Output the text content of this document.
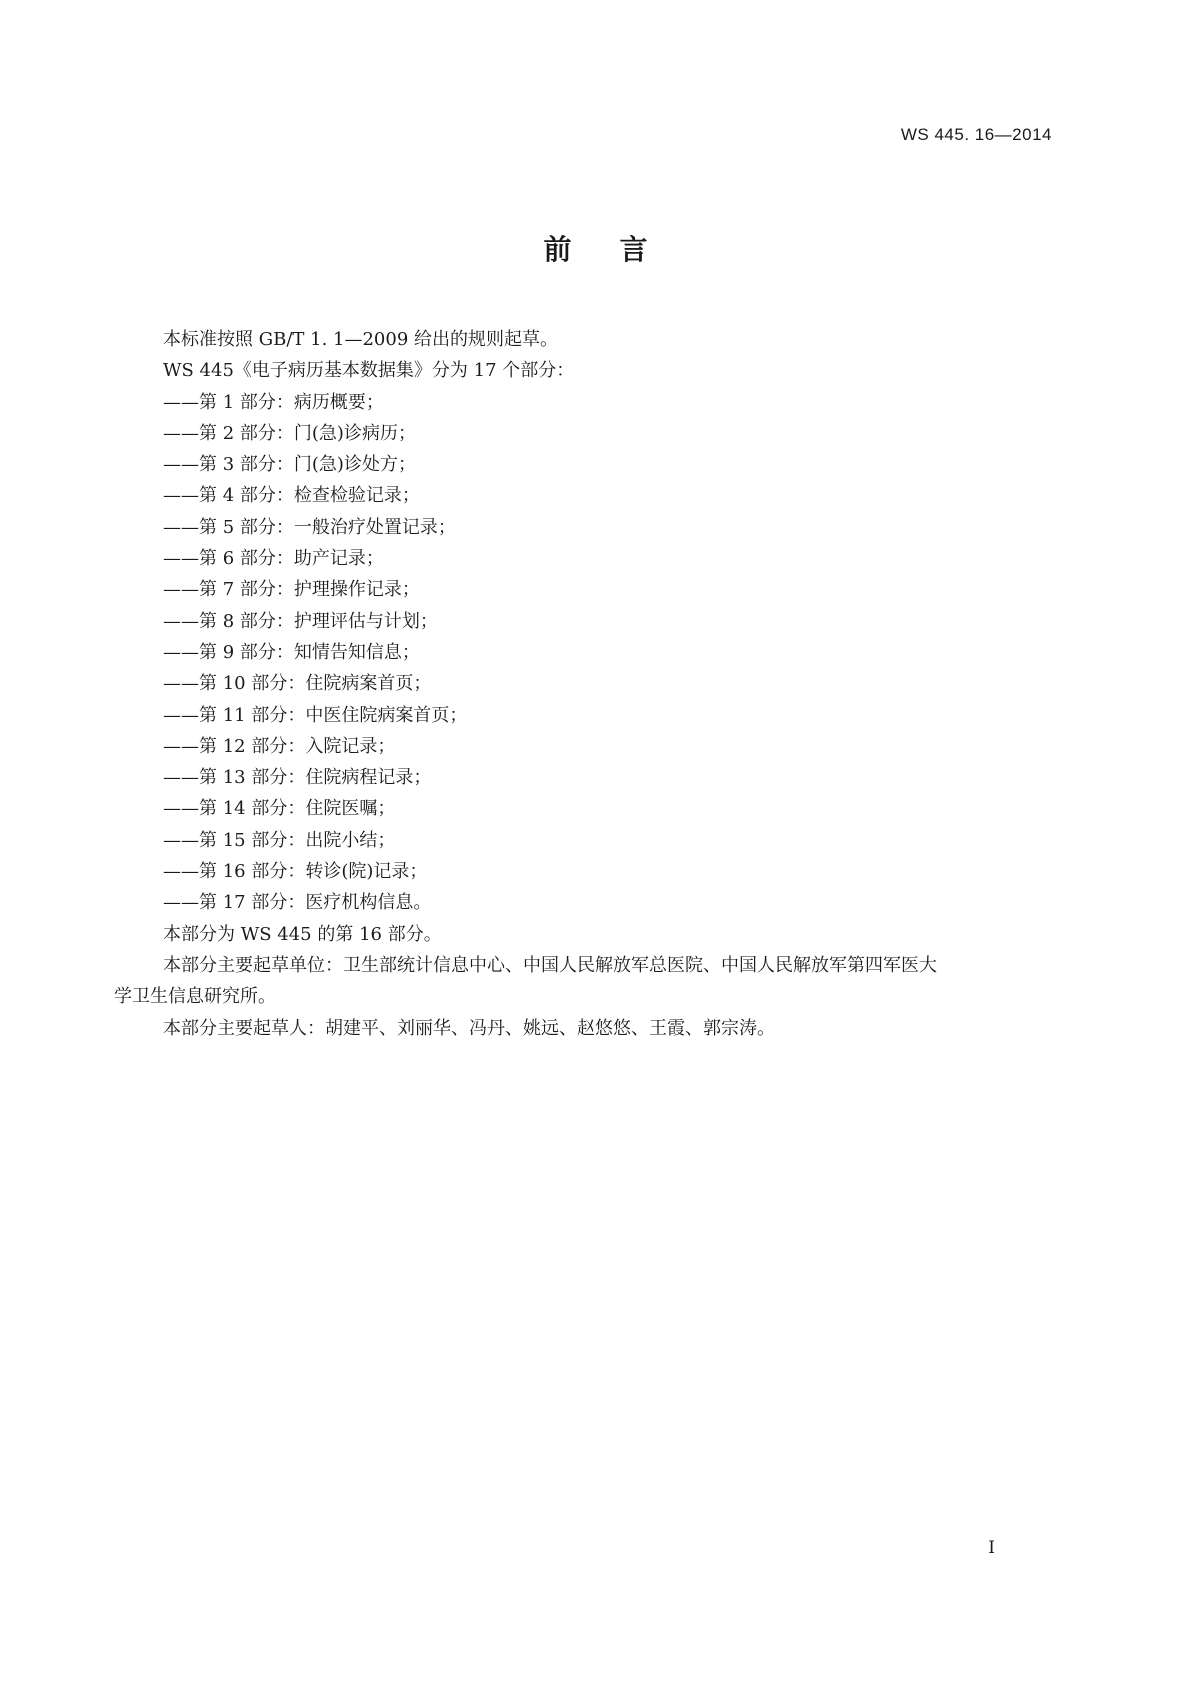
WS 445. 16—2014
前言

本标准按照 GB/T 1. 1—2009 给出的规则起草。

WS 445《电子病历基本数据集》分为 17 个部分：

——第 1 部分：病历概要；
——第 2 部分：门(急)诊病历；
——第 3 部分：门(急)诊处方；
——第 4 部分：检查检验记录；
——第 5 部分：一般治疗处置记录；
——第 6 部分：助产记录；
——第 7 部分：护理操作记录；
——第 8 部分：护理评估与计划；
——第 9 部分：知情告知信息；
——第 10 部分：住院病案首页；
——第 11 部分：中医住院病案首页；
——第 12 部分：入院记录；
——第 13 部分：住院病程记录；
——第 14 部分：住院医嘱；
——第 15 部分：出院小结；
——第 16 部分：转诊(院)记录；
——第 17 部分：医疗机构信息。

本部分为 WS 445 的第 16 部分。

本部分主要起草单位：卫生部统计信息中心、中国人民解放军总医院、中国人民解放军第四军医大

学卫生信息研究所。

本部分主要起草人：胡建平、刘丽华、冯丹、姚远、赵悠悠、王霞、郭宗涛。

I
